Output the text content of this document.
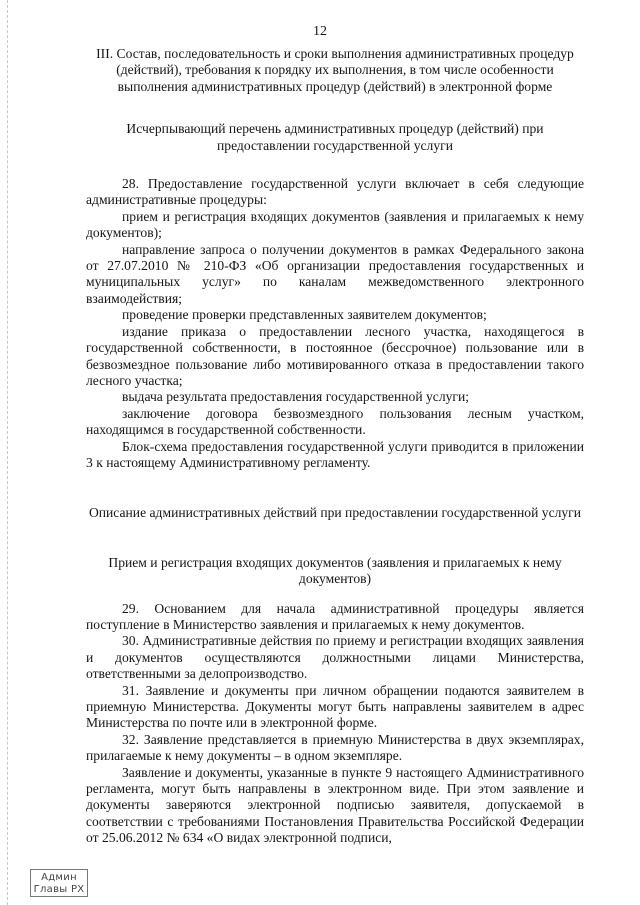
12

III. Состав, последовательность и сроки выполнения административных процедур (действий), требования к порядку их выполнения, в том числе особенности выполнения административных процедур (действий) в электронной форме

Исчерпывающий перечень административных процедур (действий) при предоставлении государственной услуги

28. Предоставление государственной услуги включает в себя следующие административные процедуры:

прием и регистрация входящих документов (заявления и прилагаемых к нему документов);

направление запроса о получении документов в рамках Федерального закона от 27.07.2010 № 210-ФЗ «Об организации предоставления государственных и муниципальных услуг» по каналам межведомственного электронного взаимодействия;

проведение проверки представленных заявителем документов;

издание приказа о предоставлении лесного участка, находящегося в государственной собственности, в постоянное (бессрочное) пользование или в безвозмездное пользование либо мотивированного отказа в предоставлении такого лесного участка;

выдача результата предоставления государственной услуги;

заключение договора безвозмездного пользования лесным участком, находящимся в государственной собственности.

Блок-схема предоставления государственной услуги приводится в приложении 3 к настоящему Административному регламенту.

Описание административных действий при предоставлении государственной услуги

Прием и регистрация входящих документов (заявления и прилагаемых к нему документов)

29. Основанием для начала административной процедуры является поступление в Министерство заявления и прилагаемых к нему документов.

30. Административные действия по приему и регистрации входящих заявления и документов осуществляются должностными лицами Министерства, ответственными за делопроизводство.

31. Заявление и документы при личном обращении подаются заявителем в приемную Министерства. Документы могут быть направлены заявителем в адрес Министерства по почте или в электронной форме.

32. Заявление представляется в приемную Министерства в двух экземплярах, прилагаемые к нему документы – в одном экземпляре.

Заявление и документы, указанные в пункте 9 настоящего Административного регламента, могут быть направлены в электронном виде. При этом заявление и документы заверяются электронной подписью заявителя, допускаемой в соответствии с требованиями Постановления Правительства Российской Федерации от 25.06.2012 № 634 «О видах электронной подписи,

Админ
Главы РХ
